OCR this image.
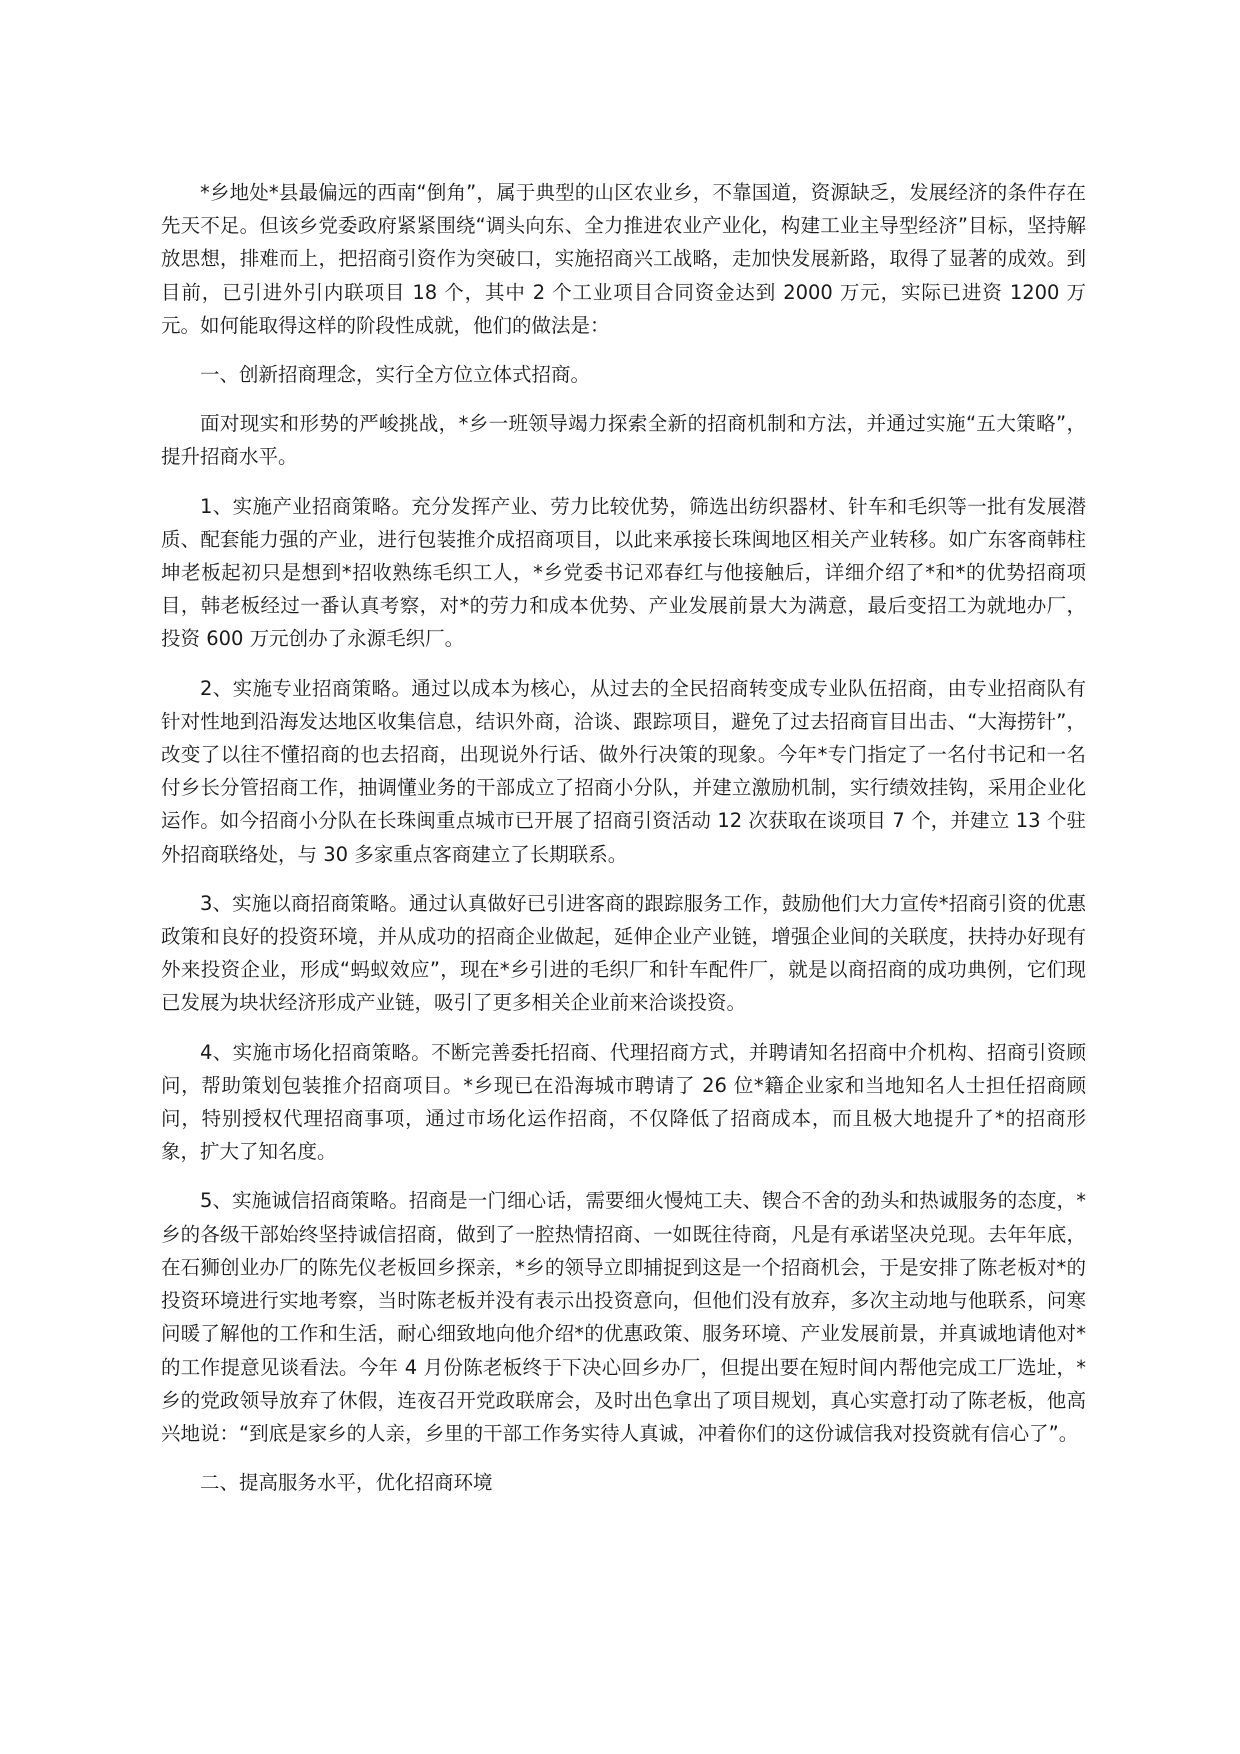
*乡地处*县最偏远的西南“倒角”，属于典型的山区农业乡，不靠国道，资源缺乏，发展经济的条件存在先天不足。但该乡党委政府紧紧围绕“调头向东、全力推进农业产业化，构建工业主导型经济”目标，坚持解放思想，排难而上，把招商引资作为突破口，实施招商兴工战略，走加快发展新路，取得了显著的成效。到目前，已引进外引内联项目 18 个，其中 2 个工业项目合同资金达到 2000 万元，实际已进资 1200 万元。如何能取得这样的阶段性成就，他们的做法是：

一、创新招商理念，实行全方位立体式招商。

面对现实和形势的严峻挑战，*乡一班领导竭力探索全新的招商机制和方法，并通过实施“五大策略”，提升招商水平。

1、实施产业招商策略。充分发挥产业、劳力比较优势，筛选出纺织器材、针车和毛织等一批有发展潜质、配套能力强的产业，进行包装推介成招商项目，以此来承接长珠闽地区相关产业转移。如广东客商韩柱坤老板起初只是想到*招收熟练毛织工人，*乡党委书记邓春红与他接触后，详细介绍了*和*的优势招商项目，韩老板经过一番认真考察，对*的劳力和成本优势、产业发展前景大为满意，最后变招工为就地办厂，投资 600 万元创办了永源毛织厂。

2、实施专业招商策略。通过以成本为核心，从过去的全民招商转变成专业队伍招商，由专业招商队有针对性地到沿海发达地区收集信息，结识外商，洽谈、跟踪项目，避免了过去招商盲目出击、“大海捞针”，改变了以往不懂招商的也去招商，出现说外行话、做外行决策的现象。今年*专门指定了一名付书记和一名付乡长分管招商工作，抽调懂业务的干部成立了招商小分队，并建立激励机制，实行绩效挂钩，采用企业化运作。如今招商小分队在长珠闽重点城市已开展了招商引资活动 12 次获取在谈项目 7 个，并建立 13 个驻外招商联络处，与 30 多家重点客商建立了长期联系。

3、实施以商招商策略。通过认真做好已引进客商的跟踪服务工作，鼓励他们大力宣传*招商引资的优惠政策和良好的投资环境，并从成功的招商企业做起，延伸企业产业链，增强企业间的关联度，扶持办好现有外来投资企业，形成“蚂蚁效应”，现在*乡引进的毛织厂和针车配件厂，就是以商招商的成功典例，它们现已发展为块状经济形成产业链，吸引了更多相关企业前来洽谈投资。

4、实施市场化招商策略。不断完善委托招商、代理招商方式，并聘请知名招商中介机构、招商引资顾问，帮助策划包装推介招商项目。*乡现已在沿海城市聘请了 26 位*籍企业家和当地知名人士担任招商顾问，特别授权代理招商事项，通过市场化运作招商，不仅降低了招商成本，而且极大地提升了*的招商形象，扩大了知名度。

5、实施诚信招商策略。招商是一门细心话，需要细火慢炖工夫、锲合不舍的劲头和热诚服务的态度，*乡的各级干部始终坚持诚信招商，做到了一腔热情招商、一如既往待商，凡是有承诺坚决兑现。去年年底，在石狮创业办厂的陈先仪老板回乡探亲，*乡的领导立即捕捉到这是一个招商机会，于是安排了陈老板对*的投资环境进行实地考察，当时陈老板并没有表示出投资意向，但他们没有放弃，多次主动地与他联系，问寒问暖了解他的工作和生活，耐心细致地向他介绍*的优惠政策、服务环境、产业发展前景，并真诚地请他对*的工作提意见谈看法。今年 4 月份陈老板终于下决心回乡办厂，但提出要在短时间内帮他完成工厂选址，*乡的党政领导放弃了休假，连夜召开党政联席会，及时出色拿出了项目规划，真心实意打动了陈老板，他高兴地说：“到底是家乡的人亲，乡里的干部工作务实待人真诚，冲着你们的这份诚信我对投资就有信心了”。

二、提高服务水平，优化招商环境
